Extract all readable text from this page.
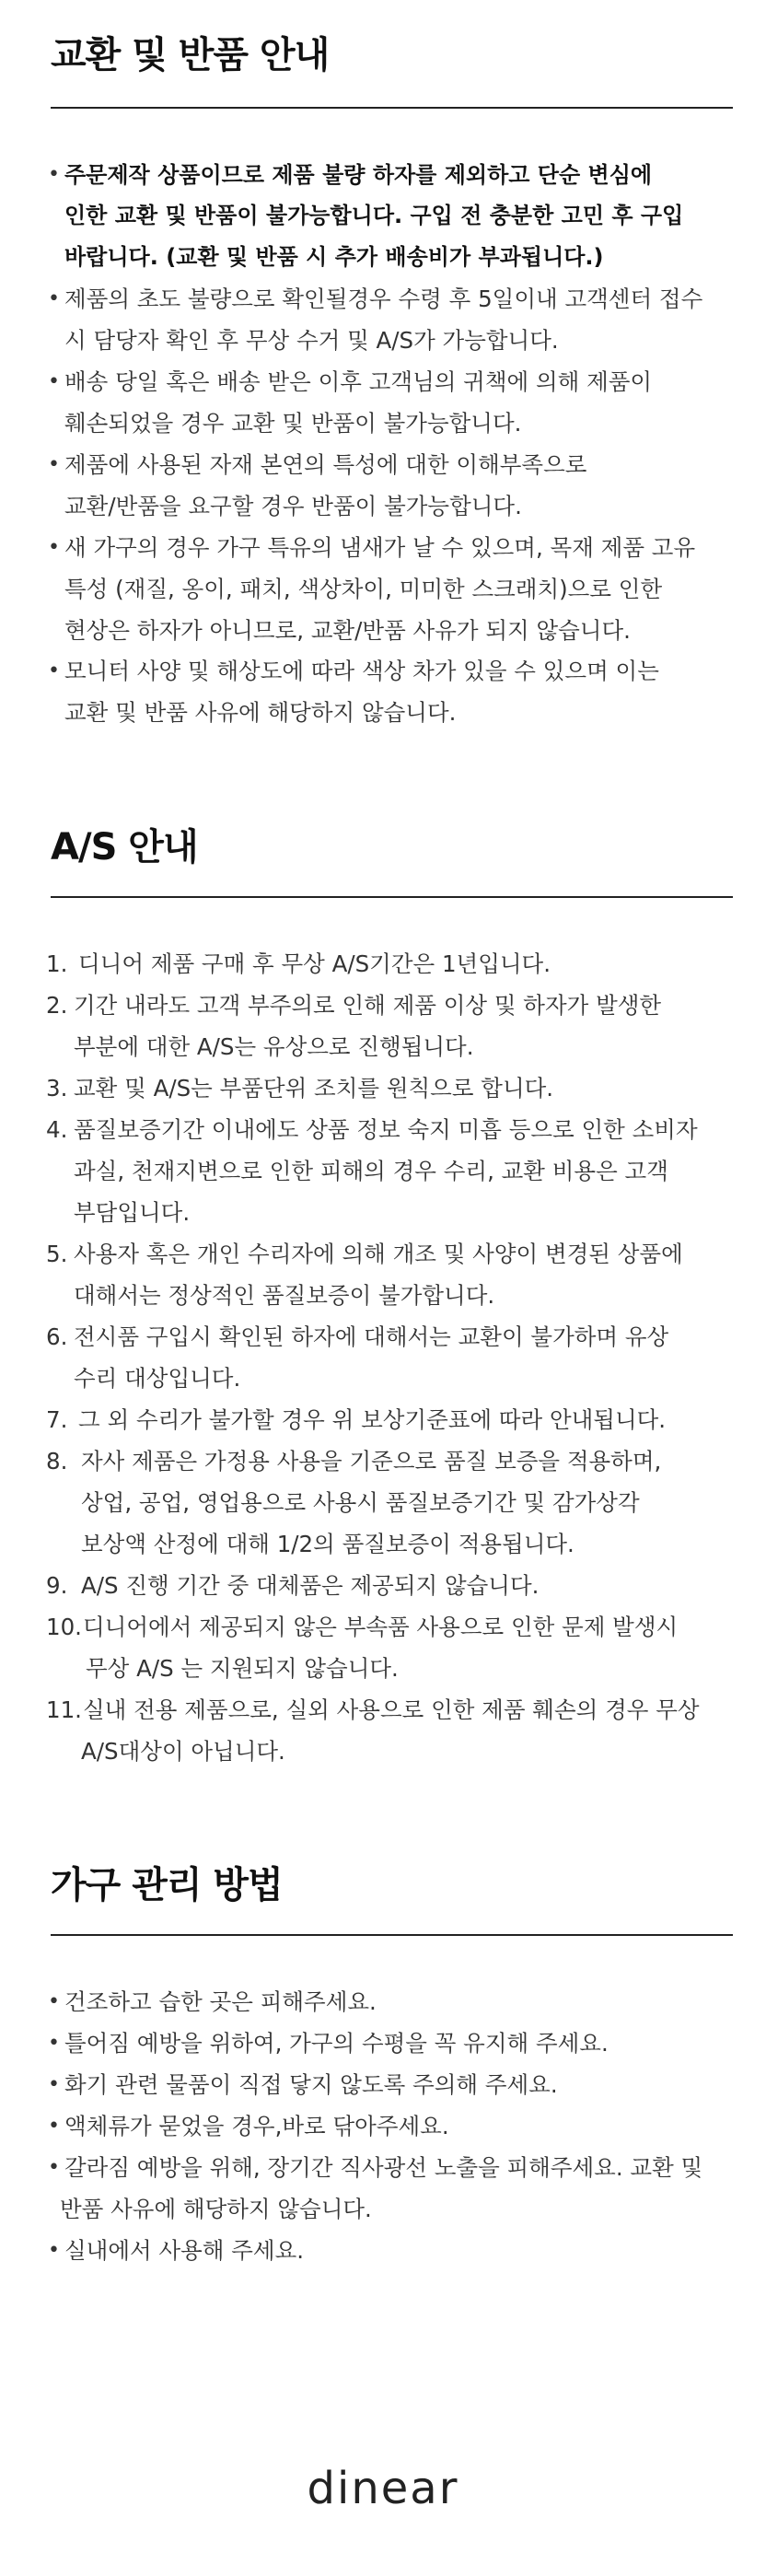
교환 및 반품 안내
• 주문제작 상품이므로 제품 불량 하자를 제외하고 단순 변심에

인한 교환 및 반품이 불가능합니다. 구입 전 충분한 고민 후 구입

바랍니다. (교환 및 반품 시 추가 배송비가 부과됩니다.)

• 제품의 초도 불량으로 확인될경우 수령 후 5일이내 고객센터 접수

시 담당자 확인 후 무상 수거 및 A/S가 가능합니다.

• 배송 당일 혹은 배송 받은 이후 고객님의 귀책에 의해 제품이

훼손되었을 경우 교환 및 반품이 불가능합니다.

• 제품에 사용된 자재 본연의 특성에 대한 이해부족으로

교환/반품을 요구할 경우 반품이 불가능합니다.

• 새 가구의 경우 가구 특유의 냄새가 날 수 있으며, 목재 제품 고유

특성 (재질, 옹이, 패치, 색상차이, 미미한 스크래치)으로 인한

현상은 하자가 아니므로, 교환/반품 사유가 되지 않습니다.

• 모니터 사양 및 해상도에 따라 색상 차가 있을 수 있으며 이는

교환 및 반품 사유에 해당하지 않습니다.

A/S 안내
1. 디니어 제품 구매 후 무상 A/S기간은 1년입니다.

2. 기간 내라도 고객 부주의로 인해 제품 이상 및 하자가 발생한

부분에 대한 A/S는 유상으로 진행됩니다.

3. 교환 및 A/S는 부품단위 조치를 원칙으로 합니다.

4. 품질보증기간 이내에도 상품 정보 숙지 미흡 등으로 인한 소비자

과실, 천재지변으로 인한 피해의 경우 수리, 교환 비용은 고객

부담입니다.

5. 사용자 혹은 개인 수리자에 의해 개조 및 사양이 변경된 상품에

대해서는 정상적인 품질보증이 불가합니다.

6. 전시품 구입시 확인된 하자에 대해서는 교환이 불가하며 유상

수리 대상입니다.

7. 그 외 수리가 불가할 경우 위 보상기준표에 따라 안내됩니다.

8. 자사 제품은 가정용 사용을 기준으로 품질 보증을 적용하며,

상업, 공업, 영업용으로 사용시 품질보증기간 및 감가상각

보상액 산정에 대해 1/2의 품질보증이 적용됩니다.

9. A/S 진행 기간 중 대체품은 제공되지 않습니다.

10. 디니어에서 제공되지 않은 부속품 사용으로 인한 문제 발생시

무상 A/S 는 지원되지 않습니다.

11. 실내 전용 제품으로, 실외 사용으로 인한 제품 훼손의 경우 무상

A/S대상이 아닙니다.

가구 관리 방법
• 건조하고 습한 곳은 피해주세요.

• 틀어짐 예방을 위하여, 가구의 수평을 꼭 유지해 주세요.

• 화기 관련 물품이 직접 닿지 않도록 주의해 주세요.

• 액체류가 묻었을 경우,바로 닦아주세요.

• 갈라짐 예방을 위해, 장기간 직사광선 노출을 피해주세요. 교환 및

반품 사유에 해당하지 않습니다.

• 실내에서 사용해 주세요.

dinear
